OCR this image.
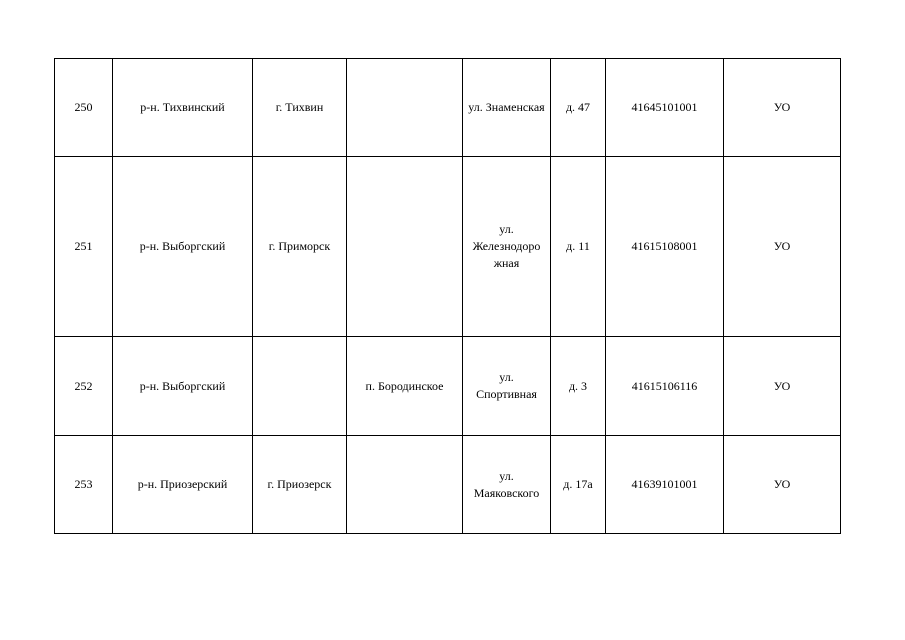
250	р-н. Тихвинский	г. Тихвин		ул. Знаменская	д. 47	41645101001	УО
251	р-н. Выборгский	г. Приморск		ул.
Железнодоро
жная	д. 11	41615108001	УО
252	р-н. Выборгский		п. Бородинское	ул.
Спортивная	д. 3	41615106116	УО
253	р-н. Приозерский	г. Приозерск		ул.
Маяковского	д. 17а	41639101001	УО
